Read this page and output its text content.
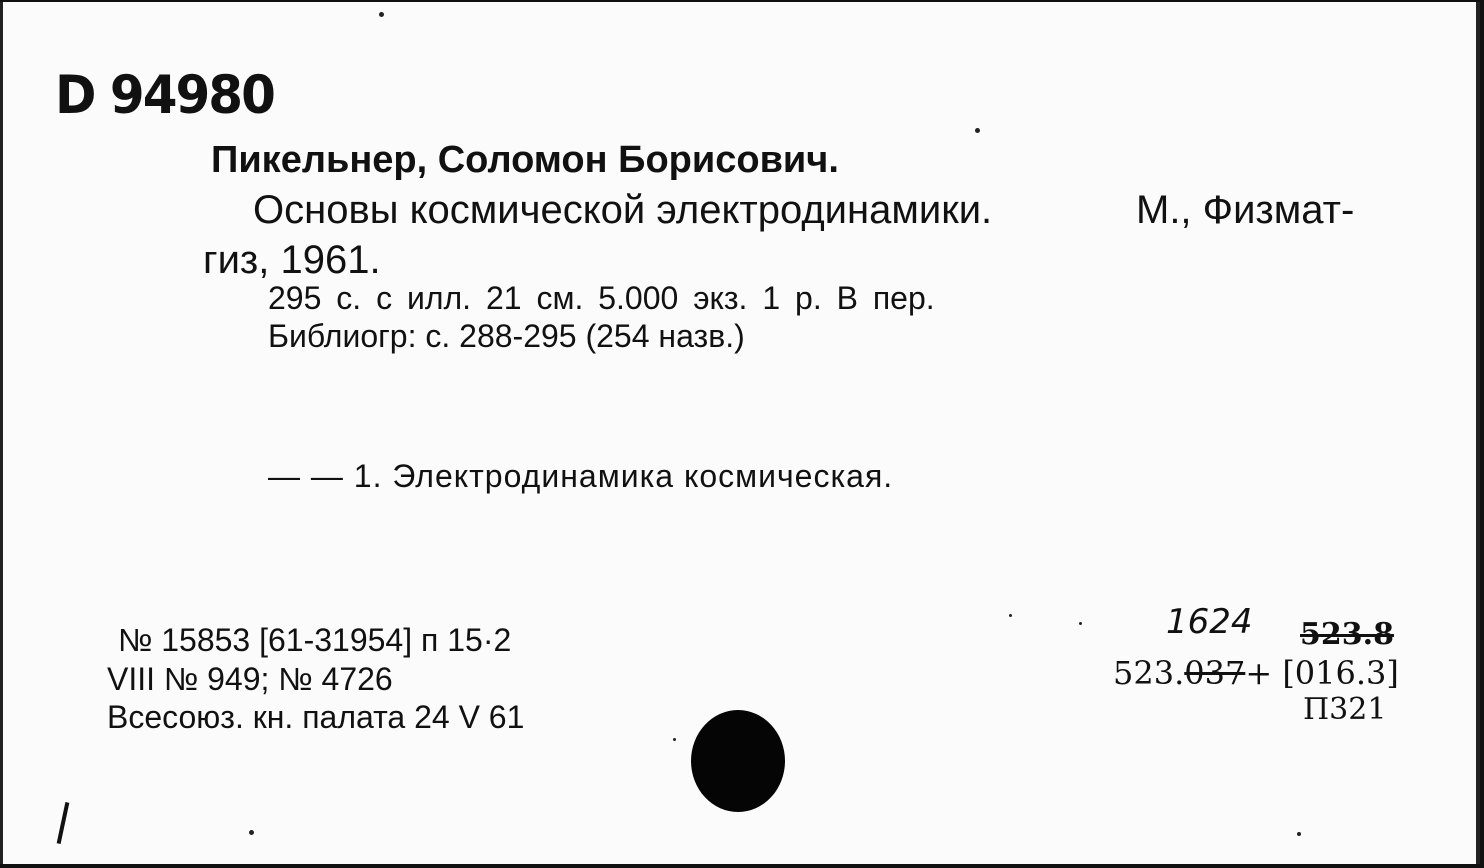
D 94980
Пикельнер, Соломон Борисович.
Основы космической электродинамики.	М., Физмат-
гиз, 1961.
295 с. с илл. 21 см. 5.000 экз. 1 р. В пер.
Библиогр: с. 288-295 (254 назв.)
— — 1. Электродинамика космическая.
№ 15853 [61-31954] п 15·2
VIII № 949; № 4726
Всесоюз. кн. палата 24 V 61
1624 523.8
523.037+ [016.3]
П321
